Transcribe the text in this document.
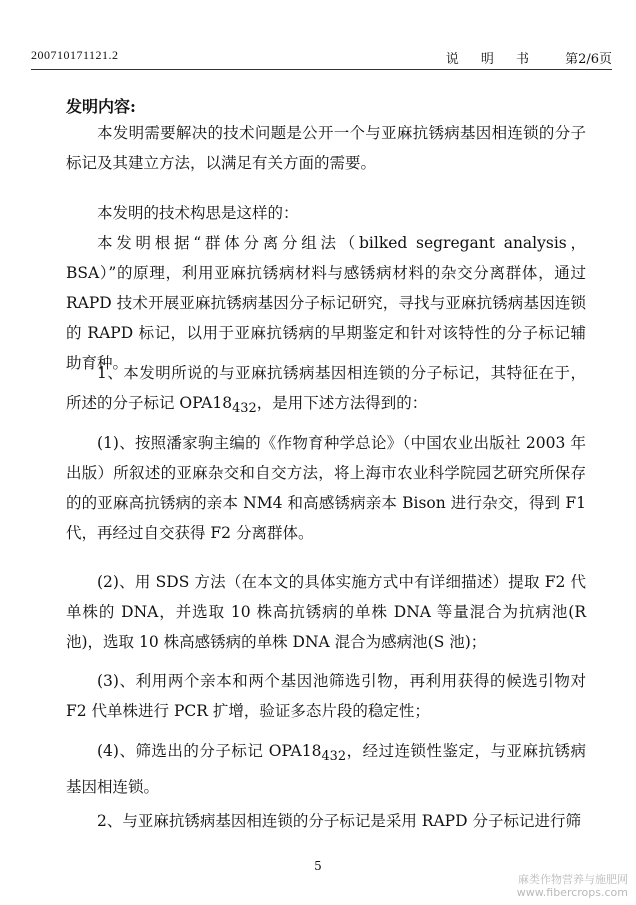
200710171121.2	说 明 书 第2/6页
发明内容:

本发明需要解决的技术问题是公开一个与亚麻抗锈病基因相连锁的分子标记及其建立方法，以满足有关方面的需要。

本发明的技术构思是这样的：

本发明根据“群体分离分组法（bilked segregant analysis，BSA）”的原理，利用亚麻抗锈病材料与感锈病材料的杂交分离群体，通过 RAPD 技术开展亚麻抗锈病基因分子标记研究，寻找与亚麻抗锈病基因连锁的 RAPD 标记，以用于亚麻抗锈病的早期鉴定和针对该特性的分子标记辅助育种。

1、本发明所说的与亚麻抗锈病基因相连锁的分子标记，其特征在于，所述的分子标记 $OPA18_{432}$，是用下述方法得到的：

(1)、按照潘家驹主编的《作物育种学总论》（中国农业出版社 2003 年出版）所叙述的亚麻杂交和自交方法，将上海市农业科学院园艺研究所保存的的亚麻高抗锈病的亲本 NM4 和高感锈病亲本 Bison 进行杂交，得到 F1 代，再经过自交获得 F2 分离群体。

(2)、用 SDS 方法（在本文的具体实施方式中有详细描述）提取 F2 代单株的 DNA，并选取 10 株高抗锈病的单株 DNA 等量混合为抗病池(R 池)，选取 10 株高感锈病的单株 DNA 混合为感病池(S 池)；

(3)、利用两个亲本和两个基因池筛选引物，再利用获得的候选引物对 F2 代单株进行 PCR 扩增，验证多态片段的稳定性；

(4)、筛选出的分子标记 $OPA18_{432}$，经过连锁性鉴定，与亚麻抗锈病基因相连锁。

2、与亚麻抗锈病基因相连锁的分子标记是采用 RAPD 分子标记进行筛

5
麻类作物营养与施肥网
www.fibercrops.com
